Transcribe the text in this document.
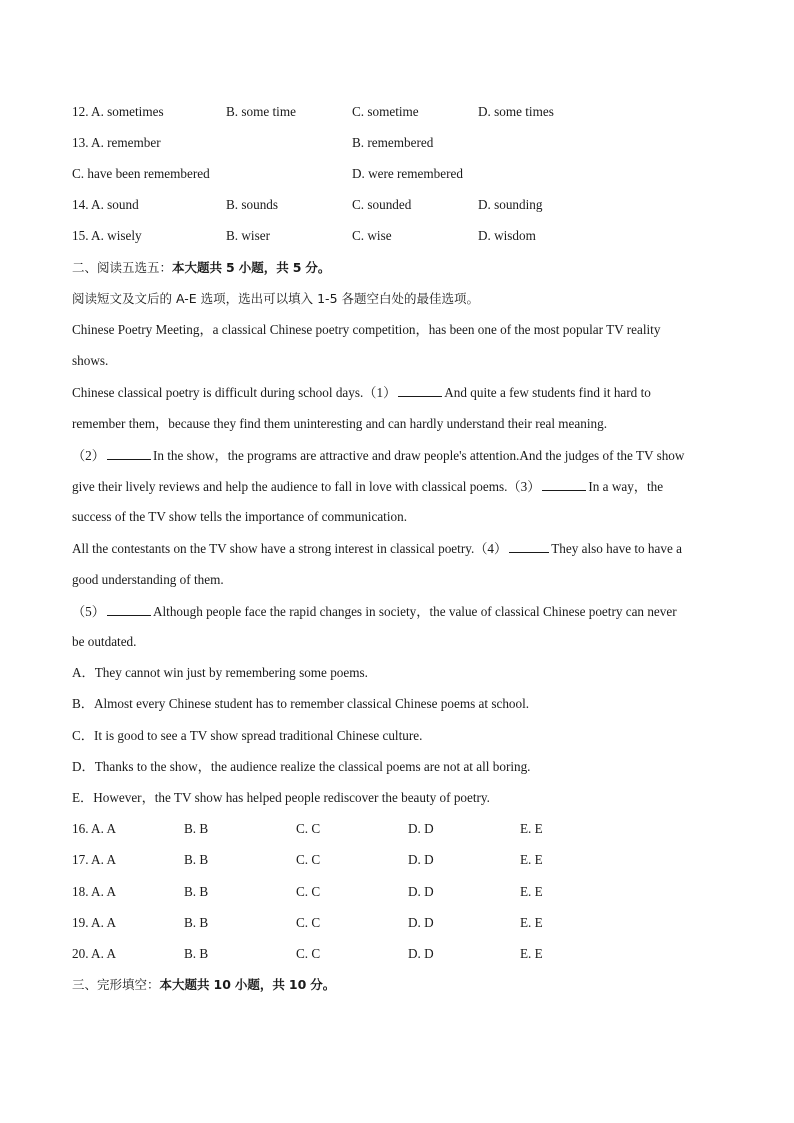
12. A. sometimes	B. some time	C. sometime	D. some times
13. A. remember	B. remembered
C. have been remembered	D. were remembered
14. A. sound	B. sounds	C. sounded	D. sounding
15. A. wisely	B. wiser	C. wise	D. wisdom
二、阅读五选五：本大题共 5 小题，共 5 分。
阅读短文及文后的 A-E 选项，选出可以填入 1-5 各题空白处的最佳选项。
Chinese Poetry Meeting，a classical Chinese poetry competition，has been one of the most popular TV reality
shows.
Chinese classical poetry is difficult during school days.（1）	And quite a few students find it hard to
remember them，because they find them uninteresting and can hardly understand their real meaning.
（2）	In the show，the programs are attractive and draw people's attention.And the judges of the TV show
give their lively reviews and help the audience to fall in love with classical poems.（3）	In a way，the
success of the TV show tells the importance of communication.
All the contestants on the TV show have a strong interest in classical poetry.（4）	They also have to have a
good understanding of them.
（5）	Although people face the rapid changes in society，the value of classical Chinese poetry can never
be outdated.
A．They cannot win just by remembering some poems.
B．Almost every Chinese student has to remember classical Chinese poems at school.
C．It is good to see a TV show spread traditional Chinese culture.
D．Thanks to the show，the audience realize the classical poems are not at all boring.
E．However，the TV show has helped people rediscover the beauty of poetry.
16. A. A	B. B	C. C	D. D	E. E
17. A. A	B. B	C. C	D. D	E. E
18. A. A	B. B	C. C	D. D	E. E
19. A. A	B. B	C. C	D. D	E. E
20. A. A	B. B	C. C	D. D	E. E
三、完形填空：本大题共 10 小题，共 10 分。
